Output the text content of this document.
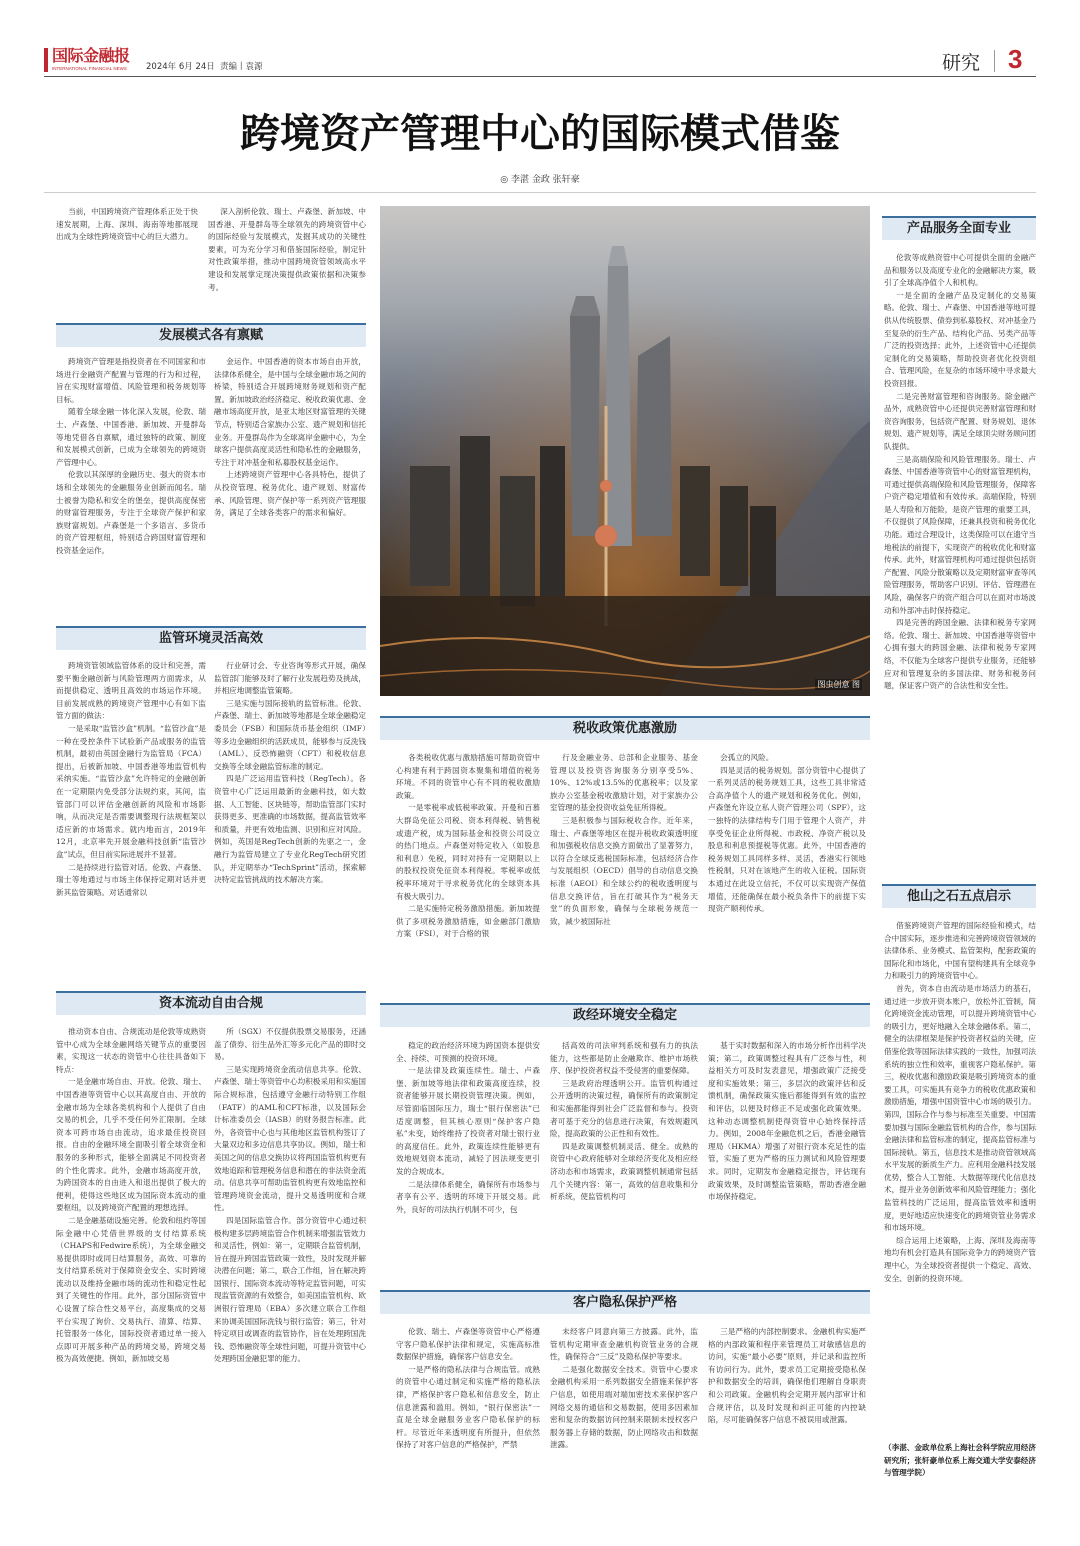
国际金融报
INTERNATIONAL FINANCIAL NEWS 2024年 6月 24日 责编丨袁源	研究 3
跨境资产管理中心的国际模式借鉴
◎ 李湛 金政 张轩豪

当前，中国跨境资产管理体系正处于快速发展期，上海、深圳、海南等地都展现出成为全球性跨境资管中心的巨大潜力。

深入剖析伦敦、瑞士、卢森堡、新加坡、中国香港、开曼群岛等全球领先的跨境资管中心的国际经验与发展模式，发掘其成功的关键性要素，可为充分学习和借鉴国际经验，制定针对性政策举措，推动中国跨境资管领域高水平建设和发展掌定现决策提供政策依据和决策参考。

图虫创意 图
发展模式各有禀赋

跨境资产管理是指投资者在不同国家和市场进行金融资产配置与管理的行为和过程，旨在实现财富增值、风险管理和税务规划等目标。

随着全球金融一体化深入发展，伦敦、瑞士、卢森堡、中国香港、新加坡、开曼群岛等地凭借各自禀赋，通过独特的政策、制度和发展模式创新，已成为全球领先的跨境资产管理中心。

伦敦以其深厚的金融历史、强大的资本市场和全球领先的金融服务业创新而闻名。瑞士被誉为隐私和安全的堡垒，提供高度保密的财富管理服务，专注于全球资产保护和家族财富规划。卢森堡是一个多语言、多货币的资产管理枢纽，特别适合跨国财富管理和投资基金运作。

金运作。中国香港的资本市场自由开放，法律体系健全，是中国与全球金融市场之间的桥梁，特别适合开展跨境财务规划和资产配置。新加坡政治经济稳定、税收政策优惠、金融市场高度开放，是亚太地区财富管理的关键节点，特别适合家族办公室、遗产规划和信托业务。开曼群岛作为全球离岸金融中心，为全球客户提供高度灵活性和隐私性的金融服务，专注于对冲基金和私募股权基金运作。

上述跨境资产管理中心各具特色，提供了从投资管理、税务优化、遗产规划、财富传承、风险管理、资产保护等一系列资产管理服务，满足了全球各类客户的需求和偏好。

监管环境灵活高效

跨境资管领域监管体系的设计和完善，需要平衡金融创新与风险管理两方面需求，从而提供稳定、透明且高效的市场运作环境。目前发展成熟的跨境资产管理中心有如下监管方面的做法：

一是采取“监管沙盒”机制。“监管沙盒”是一种在受控条件下试验新产品或服务的监管机制，最初由英国金融行为监管局（FCA）提出，后被新加坡、中国香港等地监管机构采纳实施。“监管沙盒”允许特定的金融创新在一定期限内免受部分法规约束，其间，监管部门可以评估金融创新的风险和市场影响，从而决定是否需要调整现行法规框架以适应新的市场需求。就内地而言，2019年12月，北京率先开展金融科技创新“监管沙盒”试点，但目前实际进展并不显著。

二是持续进行监管对话。伦敦、卢森堡、瑞士等地通过与市场主体保持定期对话并更新其监管策略。对话通常以

行业研讨会、专业咨询等形式开展，确保监管部门能够及时了解行业发展趋势及挑战，并相应地调整监管策略。

三是实施与国际接轨的监管标准。伦敦、卢森堡、瑞士、新加坡等地都是全球金融稳定委员会（FSB）和国际货币基金组织（IMF）等多边金融组织的活跃成员，能够参与反洗钱（AML）、反恐怖融资（CFT）和税收信息交换等全球金融监管标准的制定。

四是广泛运用监管科技（RegTech）。各资管中心广泛运用最新的金融科技，如大数据、人工智能、区块链等，帮助监管部门实时获得更多、更准确的市场数据，提高监管效率和质量，并更有效地监测、识别和应对风险。例如，英国是RegTech创新的先驱之一，金融行为监管局建立了专业化RegTech研究团队，并定期举办“TechSprint”活动，探索解决特定监管挑战的技术解决方案。

资本流动自由合规

推动资本自由、合规流动是伦敦等成熟资管中心成为全球金融网络关键节点的重要因素，实现这一状态的资管中心往往具备如下特点：

一是金融市场自由、开放。伦敦、瑞士、中国香港等资管中心以其高度自由、开放的金融市场为全球各类机构和个人提供了自由交易的机会，几乎不受任何外汇限制。全球资本可跨市场自由流动，追求最佳投资回报。自由的金融环境全面吸引着全球资金和服务的多种形式，能够全面满足不同投资者的个性化需求。此外，金融市场高度开放，为跨国资本的自由进入和退出提供了极大的便利，使得这些地区成为国际资本流动的重要枢纽，以及跨境资产配置的理想选择。

二是金融基础设施完善。伦敦和纽约等国际金融中心凭借世界级的支付结算系统（CHAPS和Fedwire系统），为全球金融交易提供即时或同日结算服务，高效、可靠的支付结算系统对于保障资金安全、实时跨境流动以及维持金融市场的流动性和稳定性起到了关键性的作用。此外，部分国际资管中心设置了综合性交易平台，高度集成的交易平台实现了询价、交易执行、清算、结算、托管服务一体化，国际投资者通过单一接入点即可开展多种产品的跨境交易，跨境交易极为高效便捷。例如，新加坡交易

所（SGX）不仅提供股票交易服务，还涵盖了债券、衍生品外汇等多元化产品的即时交易。

三是实现跨境资金流动信息共享。伦敦、卢森堡、瑞士等资管中心均积极采用和实施国际合规标准，包括遵守金融行动特别工作组（FATF）的AML和CFT标准，以及国际会计标准委员会（IASB）的财务报告标准。此外，各资管中心也与其他地区监管机构签订了大量双边和多边信息共享协议。例如，瑞士和美国之间的信息交换协议将两国监管机构更有效地追踪和管理税务信息和潜在的非法资金流动。信息共享可帮助监管机构更有效地监控和管理跨境资金流动，提升交易透明度和合规性。

四是国际监管合作。部分资管中心通过积极构建多层跨境监管合作机制来增强监管效力和灵活性，例如：第一，定期联合监管机制，旨在提升跨国监管政策一致性，及时发现并解决潜在问题；第二，联合工作组，旨在解决跨国银行、国际资本流动等特定监管问题，可实现监管资源的有效整合，如美国监管机构、欧洲银行管理局（EBA）多次建立联合工作组来协调美国国际洗钱与银行监管；第三，针对特定项目或调查的监管协作，旨在处理跨国洗钱、恐怖融资等全球性问题，可提升资管中心处理跨国金融犯罪的能力。

税收政策优惠激励

各类税收优惠与激励措施可帮助资管中心构建有利于跨国资本聚集和增值的税务环境。不同的资管中心有不同的税收激励政策。

一是零税率或低税率政策。开曼和百慕大群岛免征公司税、资本利得税、销售税或遗产税，成为国际基金和投资公司设立的热门地点。卢森堡对特定收入（如股息和利息）免税，同时对持有一定期限以上的股权投资免征资本利得税。零税率或低税率环境对于寻求税务优化的全球资本具有极大吸引力。

二是实施特定税务激励措施。新加坡提供了多项税务激励措施，如金融部门激励方案（FSI），对于合格的银

行及金融业务、总部和企业服务、基金管理以及投资咨询服务分别享受5%、10%、12%或13.5%的优惠税率；以及家族办公室基金税收激励计划，对于家族办公室管理的基金投资收益免征所得税。

三是积极参与国际税收合作。近年来，瑞士、卢森堡等地区在提升税收政策透明度和加强税收信息交换方面做出了显著努力，以符合全球反逃税国际标准，包括经济合作与发展组织（OECD）倡导的自动信息交换标准（AEOI）和全球公约的税收透明度与信息交换评估，旨在打破其作为“税务天堂”的负面形象，确保与全球税务规范一致，减少被国际社

会孤立的风险。

四是灵活的税务规划。部分资管中心提供了一系列灵活的税务规划工具，这些工具非常适合高净值个人的遗产规划和税务优化。例如，卢森堡允许设立私人资产管理公司（SPF），这一独特的法律结构专门用于管理个人资产，并享受免征企业所得税、市政税、净资产税以及股息和利息预提税等优惠。此外，中国香港的税务规划工具同样多样、灵活，香港实行领地性税制，只对在该地产生的收入征税。国际资本通过在此设立信托，不仅可以实现资产保值增值，还能确保在最小税负条件下的前提下实现资产顺利传承。

政经环境安全稳定

稳定的政治经济环境为跨国资本提供安全、持续、可预测的投资环境。

一是法律及政策连续性。瑞士、卢森堡、新加坡等地法律和政策高度连续，投资者能够开展长期投资管理决策。例如，尽管面临国际压力，瑞士“银行保密法”已适度调整，但其核心原则“保护客户隐私”未变，始终维持了投资者对瑞士银行业的高度信任。此外，政策连续性能够更有效地规划资本流动，减轻了因法规变更引发的合规成本。

二是法律体系健全，确保所有市场参与者享有公平、透明的环境下开展交易。此外，良好的司法执行机制不可少，包

括高效的司法审判系统和强有力的执法能力，这些都是防止金融欺诈、维护市场秩序、保护投资者权益不受侵害的重要保障。

三是政府治理透明公开。监管机构通过公开透明的决策过程，确保所有的政策制定和实施都能得到社会广泛监督和参与。投资者可基于充分的信息进行决策，有效规避风险，提高政策的公正性和有效性。

四是政策调整机制灵活、健全。成熟的资管中心政府能够对全球经济变化及相应经济动态和市场需求，政策调整机制通常包括几个关键内容：第一，高效的信息收集和分析系统，使监管机构可

基于实时数据和深入的市场分析作出科学决策；第二，政策调整过程具有广泛参与性，利益相关方可及时发表意见，增强政策广泛接受度和实施效果；第三，多层次的政策评估和反馈机制，确保政策实施后都能得到有效的监控和评估，以便及时修正不足或强化政策效果。这种动态调整机制使得资管中心始终保持活力。例如，2008年金融危机之后，香港金融管理局（HKMA）增强了对银行资本充足性的监管，实施了更为严格的压力测试和风险管理要求。同时，定期发布金融稳定报告，评估现有政策效果，及时调整监管策略，帮助香港金融市场保持稳定。

客户隐私保护严格

伦敦、瑞士、卢森堡等资管中心严格遵守客户隐私保护法律和规定，实施高标准数据保护措施，确保客户信息安全。

一是严格的隐私法律与合规监管。成熟的资管中心通过制定和实施严格的隐私法律，严格保护客户隐私和信息安全，防止信息泄露和滥用。例如，“银行保密法”一直是全球金融服务业客户隐私保护的标杆。尽管近年来透明度有所提升，但依然保持了对客户信息的严格保护，严禁

未经客户同意向第三方披露。此外，监管机构定期审查金融机构资管业务的合规性，确保符合“三反”及隐私保护等要求。

二是强化数据安全技术。资管中心要求金融机构采用一系列数据安全措施来保护客户信息，如使用端对端加密技术来保护客户网络交易的通信和交易数据，使用多因素加密和复杂的数据访问控制来限制未授权客户服务器上存储的数据，防止网络攻击和数据泄露。

三是严格的内部控制要求。金融机构实施严格的内部政策和程序来管理员工对敏感信息的访问，实施“最小必要”原则，并记录和监控所有访问行为。此外，要求员工定期接受隐私保护和数据安全的培训，确保他们理解自身职责和公司政策。金融机构会定期开展内部审计和合规评估，以及时发现和纠正可能的内控缺陷，尽可能确保客户信息不被误用或泄露。

产品服务全面专业

伦敦等成熟资管中心可提供全面的金融产品和服务以及高度专业化的金融解决方案，吸引了全球高净值个人和机构。

一是全面的金融产品及定制化的交易策略。伦敦、瑞士、卢森堡、中国香港等地可提供从传统股票、债券到私募股权、对冲基金乃至复杂的衍生产品、结构化产品、另类产品等广泛的投资选择；此外，上述资管中心还提供定制化的交易策略，帮助投资者优化投资组合、管理风险，在复杂的市场环境中寻求最大投资回报。

二是完善财富管理和咨询服务。除金融产品外，成熟资管中心还提供完善财富管理和财资咨询服务，包括资产配置、财务规划、退休规划、遗产规划等，满足全球顶尖财务顾问团队提供。

三是高端保险和风险管理服务。瑞士、卢森堡、中国香港等资管中心的财富管理机构，可通过提供高端保险和风险管理服务，保障客户资产稳定增值和有效传承。高端保险，特别是人寿险和万能险，是资产管理的重要工具，不仅提供了风险保障，还兼具投资和税务优化功能。通过合理设计，这类保险可以在遗守当地税法的前提下，实现资产的税收优化和财富传承。此外，财富管理机构可通过提供包括资产配置、风险分散策略以及定期财富审查等风险管理服务，帮助客户识别、评估、管理潜在风险，确保客户的资产组合可以在面对市场波动和外部冲击时保持稳定。

四是完善的跨国金融、法律和税务专家网络。伦敦、瑞士、新加坡、中国香港等资管中心拥有强大的跨国金融、法律和税务专家网络，不仅能为全球客户提供专业服务，还能够应对和管理复杂的多国法律、财务和税务问题，保证客户资产的合法性和安全性。

他山之石五点启示

借鉴跨境资产管理的国际经验和模式，结合中国实际，逐步推进和完善跨境资管领域的法律体系、业务模式、监管架构，配套政策的国际化和市场化，中国有望构建具有全球竞争力和吸引力的跨境资管中心。

首先，资本自由流动是市场活力的基石，通过进一步放开资本账户，放松外汇管制，简化跨境资金流动管理，可以提升跨境资管中心的吸引力，更好地融入全球金融体系。第二，健全的法律框架是保护投资者权益的关键，应借鉴伦敦等国际法律实践的一致性，加强司法系统的独立性和效率，重视客户隐私保护。第三，税收优惠和激励政策是吸引跨境资本的重要工具，可实施具有竞争力的税收优惠政策和激励措施，增强中国资管中心市场的吸引力。第四，国际合作与参与标准至关重要。中国需要加强与国际金融监管机构的合作，参与国际金融法律和监管标准的制定，提高监管标准与国际接轨。第五，信息技术是推动资管领域高水平发展的新质生产力。应利用金融科技发展优势，整合人工智能、大数据等现代化信息技术，提升业务创新效率和风险管理能力；强化监管科技的广泛运用，提高监管效率和透明度，更好地适应快速变化的跨境资管业务需求和市场环境。

综合运用上述策略，上海、深圳及海南等地均有机会打造具有国际竞争力的跨境资产管理中心，为全球投资者提供一个稳定、高效、安全、创新的投资环境。

（李湛、金政单位系上海社会科学院应用经济研究所；张轩豪单位系上海交通大学安泰经济与管理学院）
